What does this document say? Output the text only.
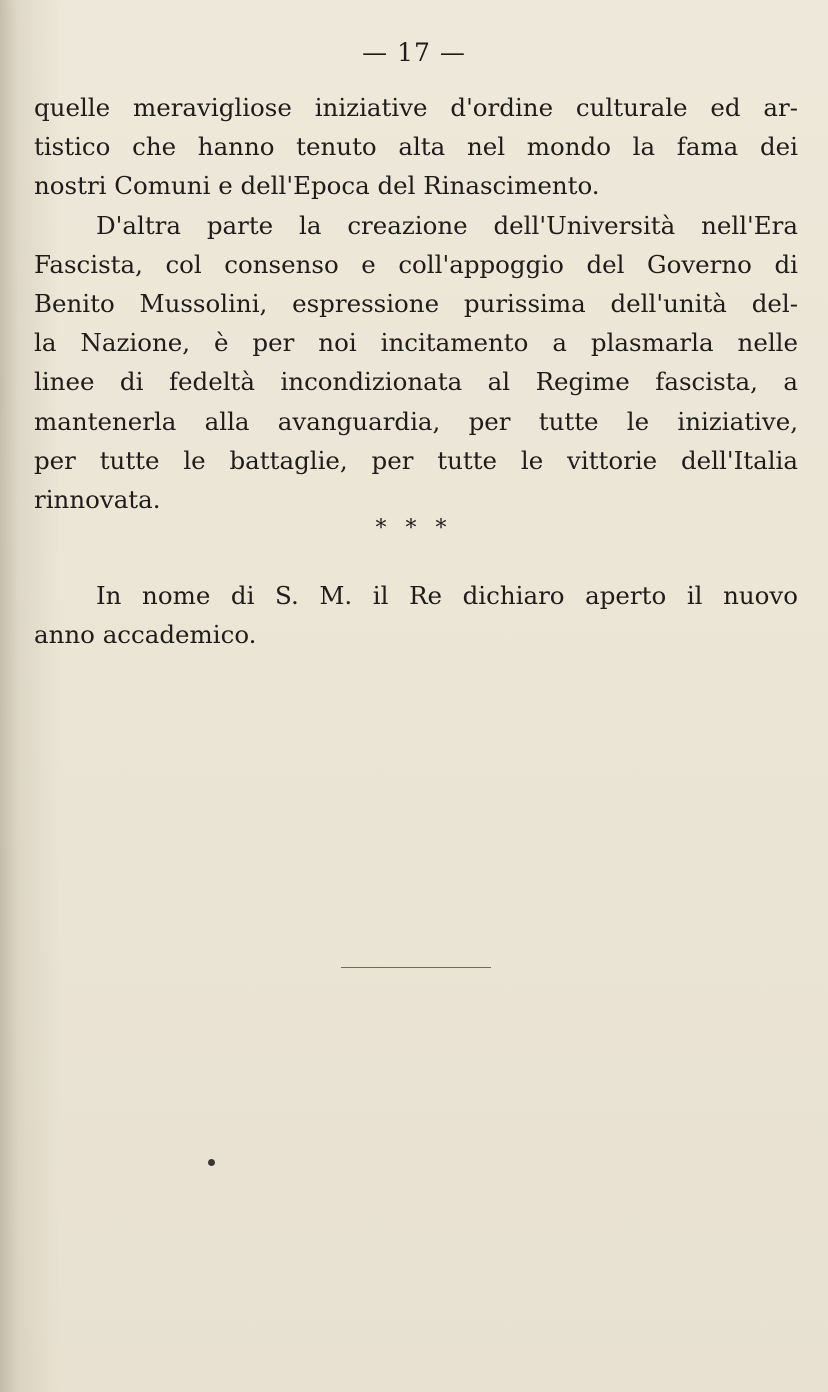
— 17 —
quelle meravigliose iniziative d'ordine culturale ed ar-
tistico che hanno tenuto alta nel mondo la fama dei
nostri Comuni e dell'Epoca del Rinascimento.
D'altra parte la creazione dell'Università nell'Era
Fascista, col consenso e coll'appoggio del Governo di
Benito Mussolini, espressione purissima dell'unità del-
la Nazione, è per noi incitamento a plasmarla nelle
linee di fedeltà incondizionata al Regime fascista, a
mantenerla alla avanguardia, per tutte le iniziative,
per tutte le battaglie, per tutte le vittorie dell'Italia
rinnovata.
* * *
In nome di S. M. il Re dichiaro aperto il nuovo
anno accademico.
